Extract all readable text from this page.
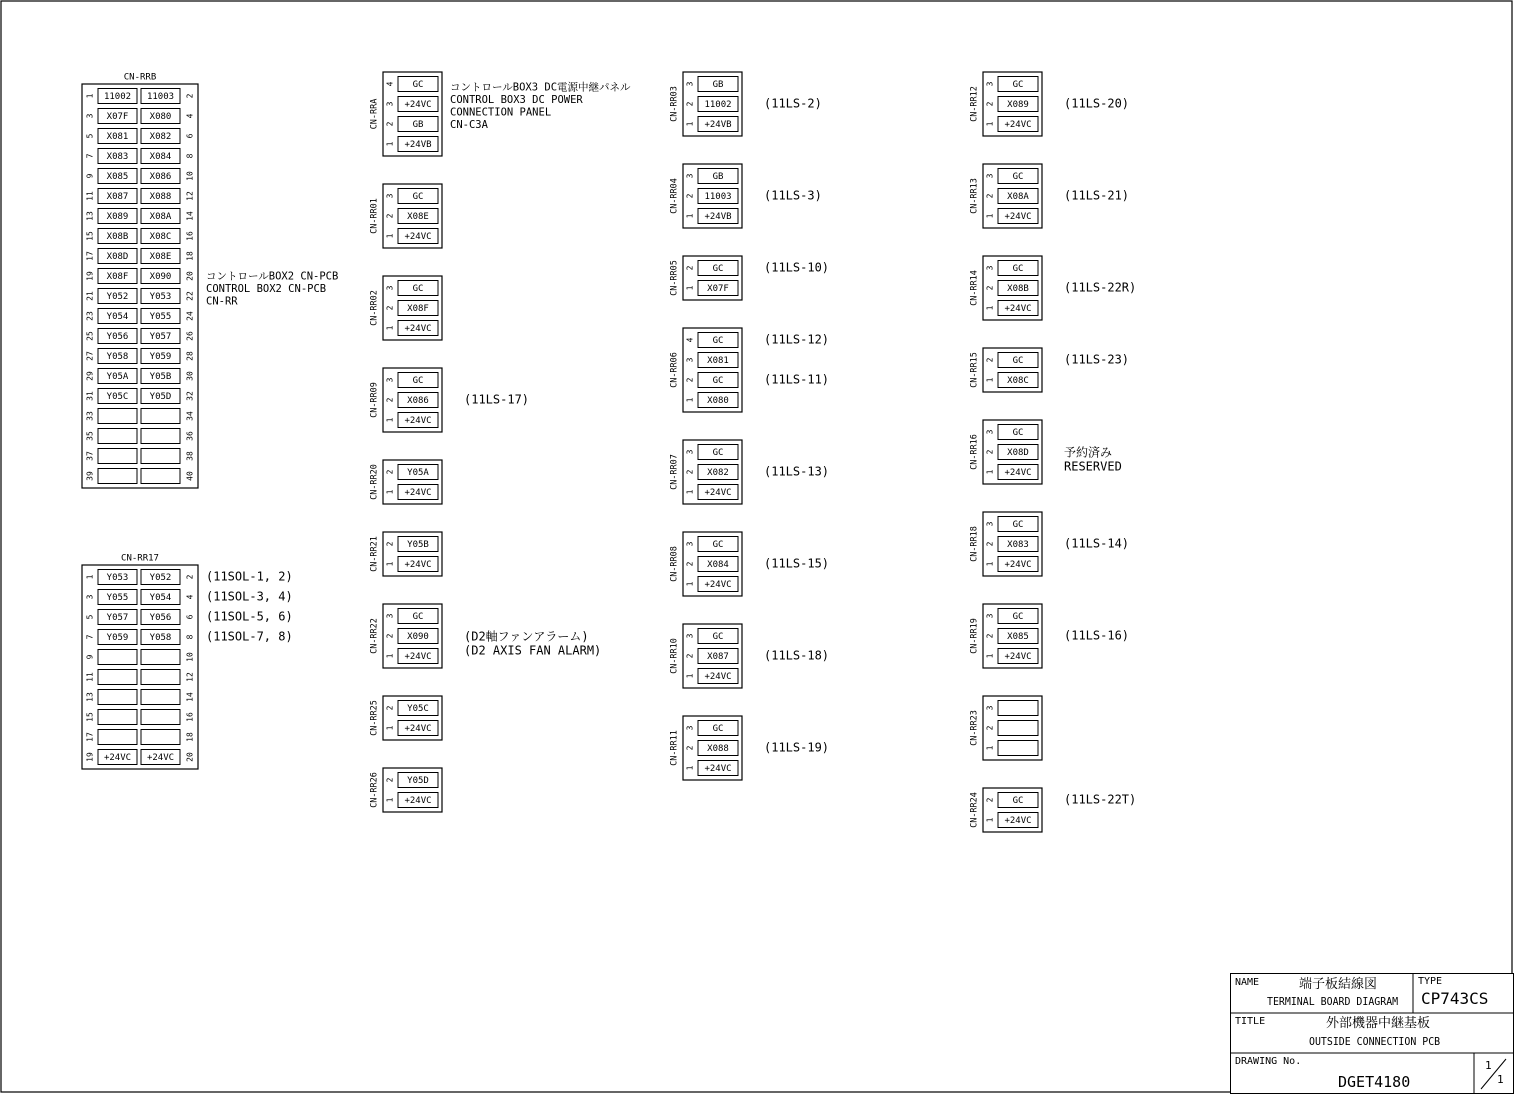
CN-RRB
1	2
11002 11003
3	4
X07F X080
5	6
X081 X082
7	8
X083 X084
9	10
X085 X086
11	12
X087 X088
13	14
X089 X08A
15	16
X08B X08C
17	18
X08D X08E
19	20
X08F X090
21	22
Y052 Y053
23	24
Y054 Y055
25	26
Y056 Y057
27	28
Y058 Y059
29	30
Y05A Y05B
31	32
Y05C Y05D
33	34
35	36
37	38
39	40
コントロールBOX2 CN-PCB
CONTROL BOX2 CN-PCB
CN-RR
CN-RR17
1	2
Y053 Y052
3	4
Y055 Y054
5	6
Y057 Y056
7	8
Y059 Y058
9	10
11	12
13	14
15	16
17	18
19	20
+24VC +24VC
(11SOL-1, 2)
(11SOL-3, 4)
(11SOL-5, 6)
(11SOL-7, 8)
CN-RRA
4 GC
3 +24VC
2 GB
1 +24VB
コントロールBOX3 DC電源中継パネル
CONTROL BOX3 DC POWER
CONNECTION PANEL
CN-C3A
CN-RR01
3 GC
2 X08E
1 +24VC
CN-RR02
3 GC
2 X08F
1 +24VC
CN-RR09
3 GC
2 X086
1 +24VC
(11LS-17)
CN-RR20 2 Y05A
1 +24VC
CN-RR21 2 Y05B
1 +24VC
CN-RR22
3 GC
2 X090
1 +24VC
(D2軸ファンアラーム)
(D2 AXIS FAN ALARM)
CN-RR25 2 Y05C
1 +24VC
CN-RR26 2 Y05D
1 +24VC
CN-RR03
3 GB
2 11002
1 +24VB
(11LS-2)
CN-RR04
3 GB
2 11003
1 +24VB
(11LS-3)
CN-RR05 2 GC
1 X07F
(11LS-10)
CN-RR06
4 GC
3 X081
2 GC
1 X080
(11LS-12)
(11LS-11)
CN-RR07
3 GC
2 X082
1 +24VC
(11LS-13)
CN-RR08
3 GC
2 X084
1 +24VC
(11LS-15)
CN-RR10
3 GC
2 X087
1 +24VC
(11LS-18)
CN-RR11
3 GC
2 X088
1 +24VC
(11LS-19)
CN-RR12
3 GC
2 X089
1 +24VC
(11LS-20)
CN-RR13
3 GC
2 X08A
1 +24VC
(11LS-21)
CN-RR14
3 GC
2 X08B
1 +24VC
(11LS-22R)
CN-RR15 2 GC
1 X08C
(11LS-23)
CN-RR16
3 GC
2 X08D
1 +24VC
予約済み
RESERVED
CN-RR18
3 GC
2 X083
1 +24VC
(11LS-14)
CN-RR19
3 GC
2 X085
1 +24VC
(11LS-16)
CN-RR23
3
2
1
CN-RR24 2 GC
1 +24VC
(11LS-22T)
NAME	端子板結線図
TERMINAL BOARD DIAGRAM
TYPE
CP743CS
TITLE	外部機器中継基板
OUTSIDE CONNECTION PCB
DRAWING No.
DGET4180
1
1
